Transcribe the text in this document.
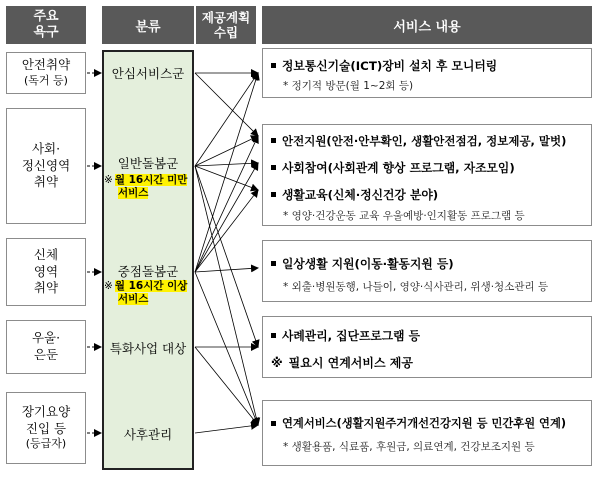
주요
욕구	분류
제공계획
수립	서비스 내용
안전취약
(독거 등)
사회·
정신영역
취약
신체
영역
취약
우울·
은둔
장기요양
진입 등
(등급자)
안심서비스군
일반돌봄군
※ 월 16시간 미만
서비스
중점돌봄군
※ 월 16시간 이상
서비스
특화사업 대상
사후관리
정보통신기술(ICT)장비 설치 후 모니터링
* 정기적 방문(월 1~2회 등)
안전지원(안전·안부확인, 생활안전점검, 정보제공, 말벗)
사회참여(사회관계 향상 프로그램, 자조모임)
생활교육(신체·정신건강 분야)
* 영양·건강운동 교육 우울예방·인지활동 프로그램 등
일상생활 지원(이동·활동지원 등)
* 외출·병원동행, 나들이, 영양·식사관리, 위생·청소관리 등
사례관리, 집단프로그램 등
※ 필요시 연계서비스 제공
연계서비스(생활지원주거개선건강지원 등 민간후원 연계)
* 생활용품, 식료품, 후원금, 의료연계, 건강보조지원 등
